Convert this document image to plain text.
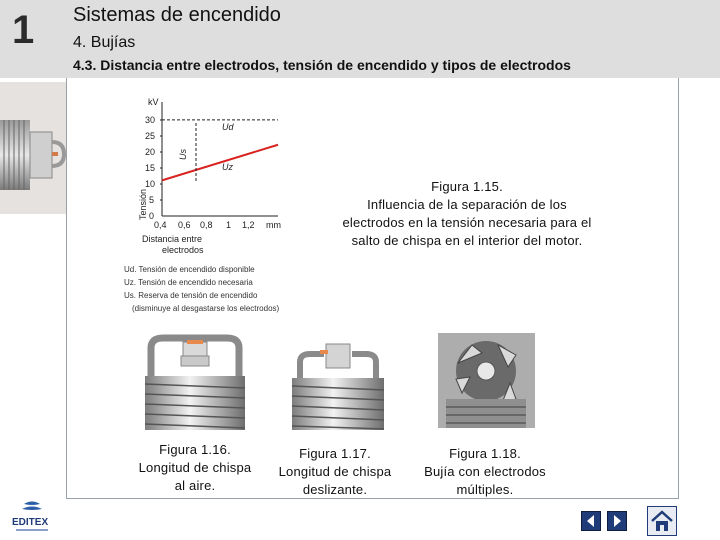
1 Sistemas de encendido
4. Bujías
4.3. Distancia entre electrodos, tensión de encendido y tipos de electrodos
kV
30
25
20
15
10
5
0
Ud
Uz
Us
Tensión
0,4 0,6 0,8 1 1,2 mm
Distancia entre
electrodos
Ud. Tensión de encendido disponible
Uz. Tensión de encendido necesaria
Us. Reserva de tensión de encendido
(disminuye al desgastarse los electrodos)
Figura 1.15.
Influencia de la separación de los
electrodos en la tensión necesaria para el
salto de chispa en el interior del motor.
Figura 1.16.
Longitud de chispa
al aire.
Figura 1.17.
Longitud de chispa
deslizante.
Figura 1.18.
Bujía con electrodos
múltiples.
EDITEX
